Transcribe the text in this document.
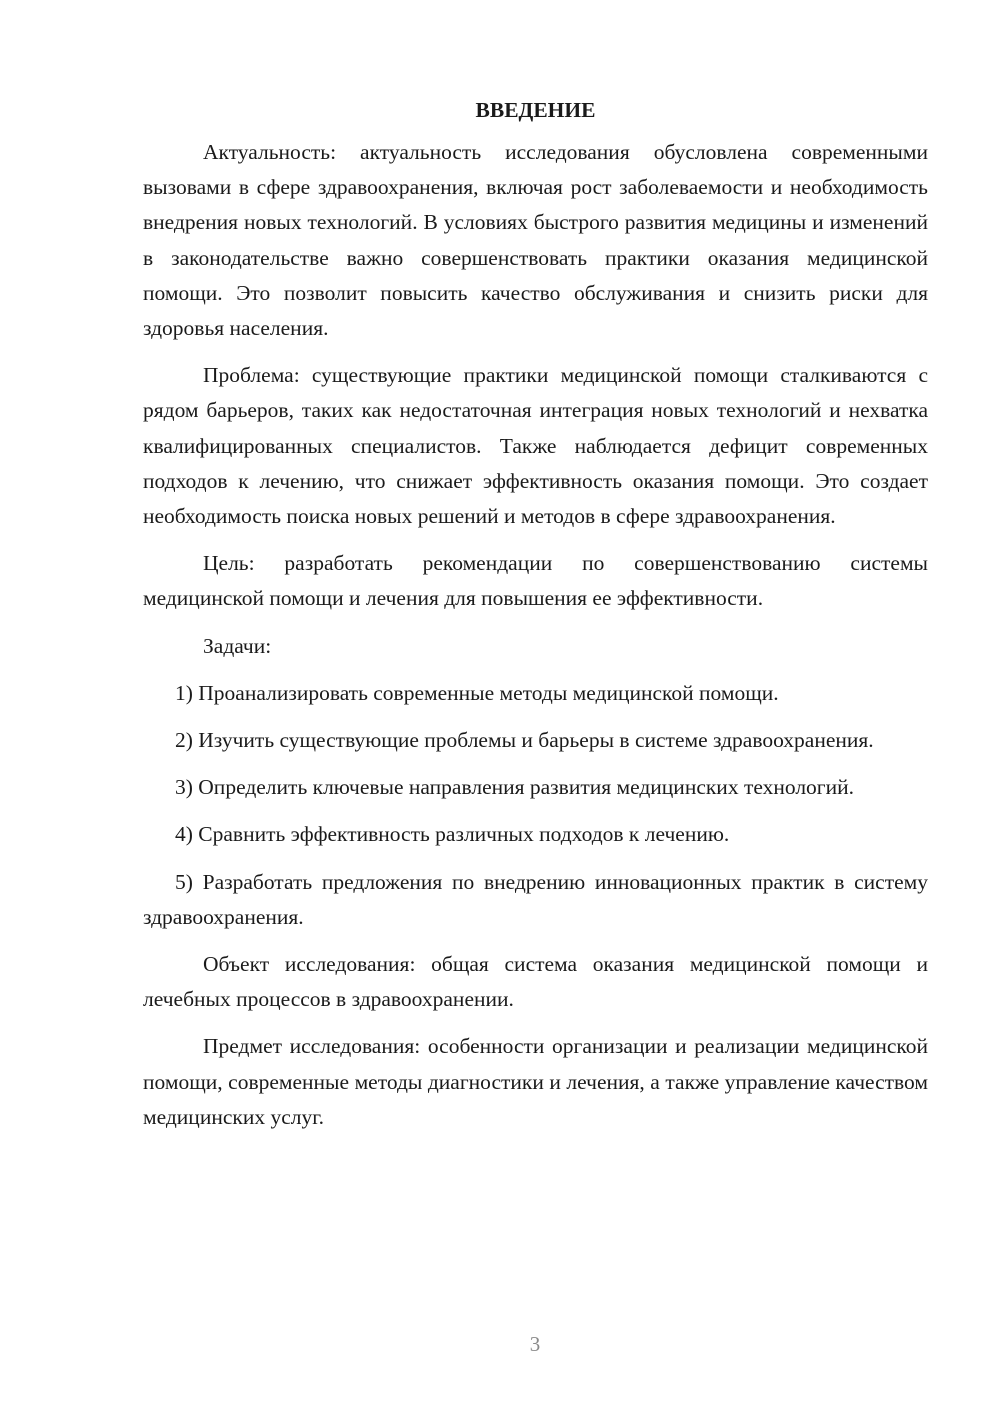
ВВЕДЕНИЕ

Актуальность: актуальность исследования обусловлена современными вызовами в сфере здравоохранения, включая рост заболеваемости и необходимость внедрения новых технологий. В условиях быстрого развития медицины и изменений в законодательстве важно совершенствовать практики оказания медицинской помощи. Это позволит повысить качество обслуживания и снизить риски для здоровья населения.

Проблема: существующие практики медицинской помощи сталкиваются с рядом барьеров, таких как недостаточная интеграция новых технологий и нехватка квалифицированных специалистов. Также наблюдается дефицит современных подходов к лечению, что снижает эффективность оказания помощи. Это создает необходимость поиска новых решений и методов в сфере здравоохранения.

Цель: разработать рекомендации по совершенствованию системы медицинской помощи и лечения для повышения ее эффективности.

Задачи:

1) Проанализировать современные методы медицинской помощи.

2) Изучить существующие проблемы и барьеры в системе здравоохранения.

3) Определить ключевые направления развития медицинских технологий.

4) Сравнить эффективность различных подходов к лечению.

5) Разработать предложения по внедрению инновационных практик в систему здравоохранения.

Объект исследования: общая система оказания медицинской помощи и лечебных процессов в здравоохранении.

Предмет исследования: особенности организации и реализации медицинской помощи, современные методы диагностики и лечения, а также управление качеством медицинских услуг.

3
